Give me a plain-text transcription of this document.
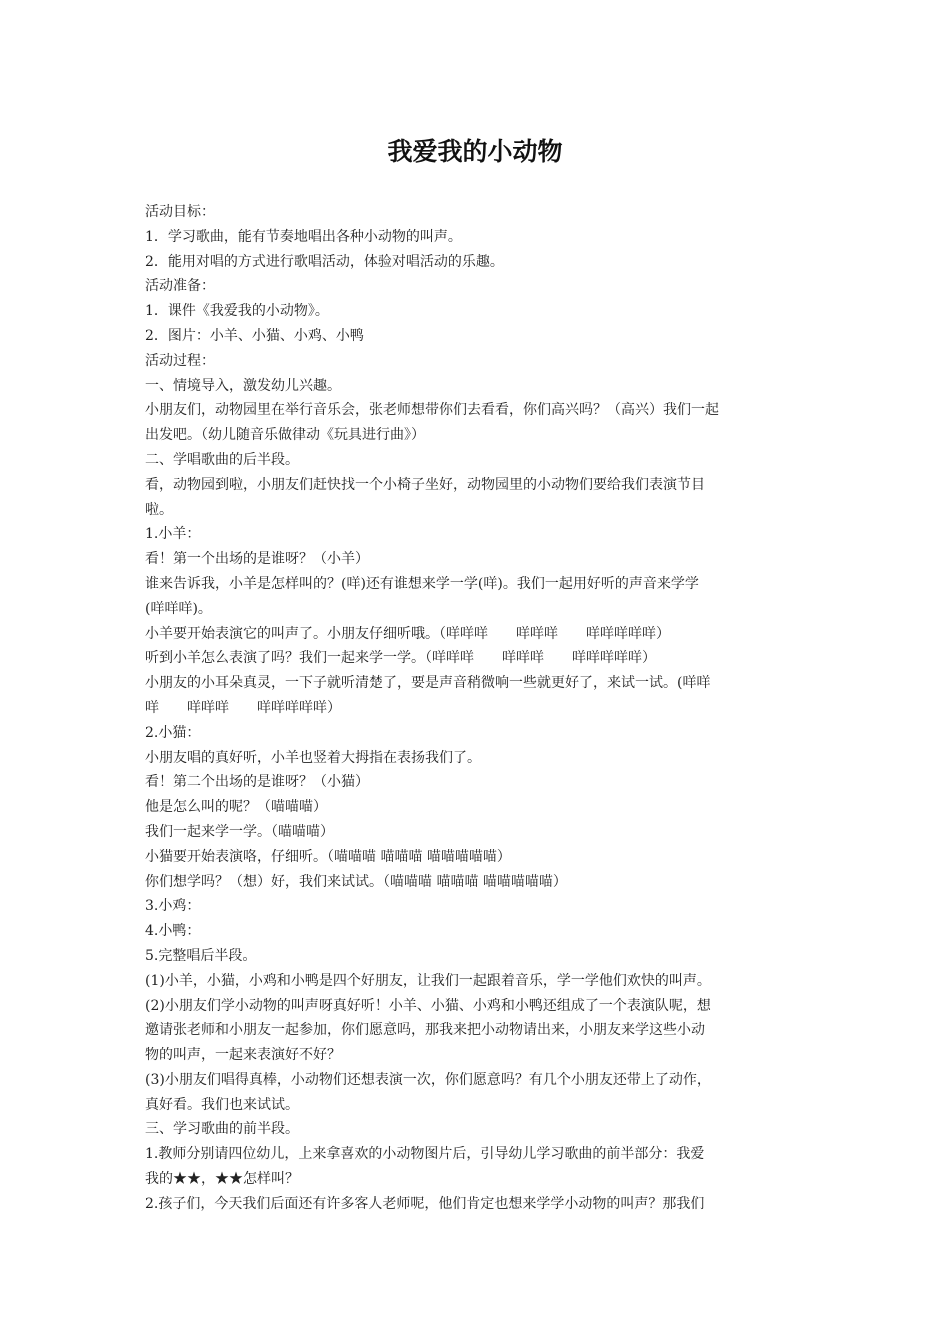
我爱我的小动物
活动目标：
1．学习歌曲，能有节奏地唱出各种小动物的叫声。
2．能用对唱的方式进行歌唱活动，体验对唱活动的乐趣。
活动准备：
1．课件《我爱我的小动物》。
2．图片：小羊、小猫、小鸡、小鸭
活动过程：
一、情境导入，激发幼儿兴趣。
小朋友们，动物园里在举行音乐会，张老师想带你们去看看，你们高兴吗？（高兴）我们一起
出发吧。（幼儿随音乐做律动《玩具进行曲》）
二、学唱歌曲的后半段。
看，动物园到啦，小朋友们赶快找一个小椅子坐好，动物园里的小动物们要给我们表演节目
啦。
1.小羊：
看！第一个出场的是谁呀？（小羊）
谁来告诉我，小羊是怎样叫的？(咩)还有谁想来学一学(咩)。我们一起用好听的声音来学学
(咩咩咩)。
小羊要开始表演它的叫声了。小朋友仔细听哦。（咩咩咩　　咩咩咩　　咩咩咩咩咩）
听到小羊怎么表演了吗？我们一起来学一学。（咩咩咩　　咩咩咩　　咩咩咩咩咩）
小朋友的小耳朵真灵，一下子就听清楚了，要是声音稍微响一些就更好了，来试一试。(咩咩
咩　　咩咩咩　　咩咩咩咩咩）
2.小猫：
小朋友唱的真好听，小羊也竖着大拇指在表扬我们了。
看！第二个出场的是谁呀？（小猫）
他是怎么叫的呢？（喵喵喵）
我们一起来学一学。（喵喵喵）
小猫要开始表演咯，仔细听。（喵喵喵 喵喵喵 喵喵喵喵喵）
你们想学吗？（想）好，我们来试试。（喵喵喵 喵喵喵 喵喵喵喵喵）
3.小鸡：
4.小鸭：
5.完整唱后半段。
(1)小羊，小猫，小鸡和小鸭是四个好朋友，让我们一起跟着音乐，学一学他们欢快的叫声。
(2)小朋友们学小动物的叫声呀真好听！小羊、小猫、小鸡和小鸭还组成了一个表演队呢，想
邀请张老师和小朋友一起参加，你们愿意吗，那我来把小动物请出来，小朋友来学这些小动
物的叫声，一起来表演好不好？
(3)小朋友们唱得真棒，小动物们还想表演一次，你们愿意吗？有几个小朋友还带上了动作，
真好看。我们也来试试。
三、学习歌曲的前半段。
1.教师分别请四位幼儿，上来拿喜欢的小动物图片后，引导幼儿学习歌曲的前半部分：我爱
我的★★，★★怎样叫？
2.孩子们，今天我们后面还有许多客人老师呢，他们肯定也想来学学小动物的叫声？那我们
